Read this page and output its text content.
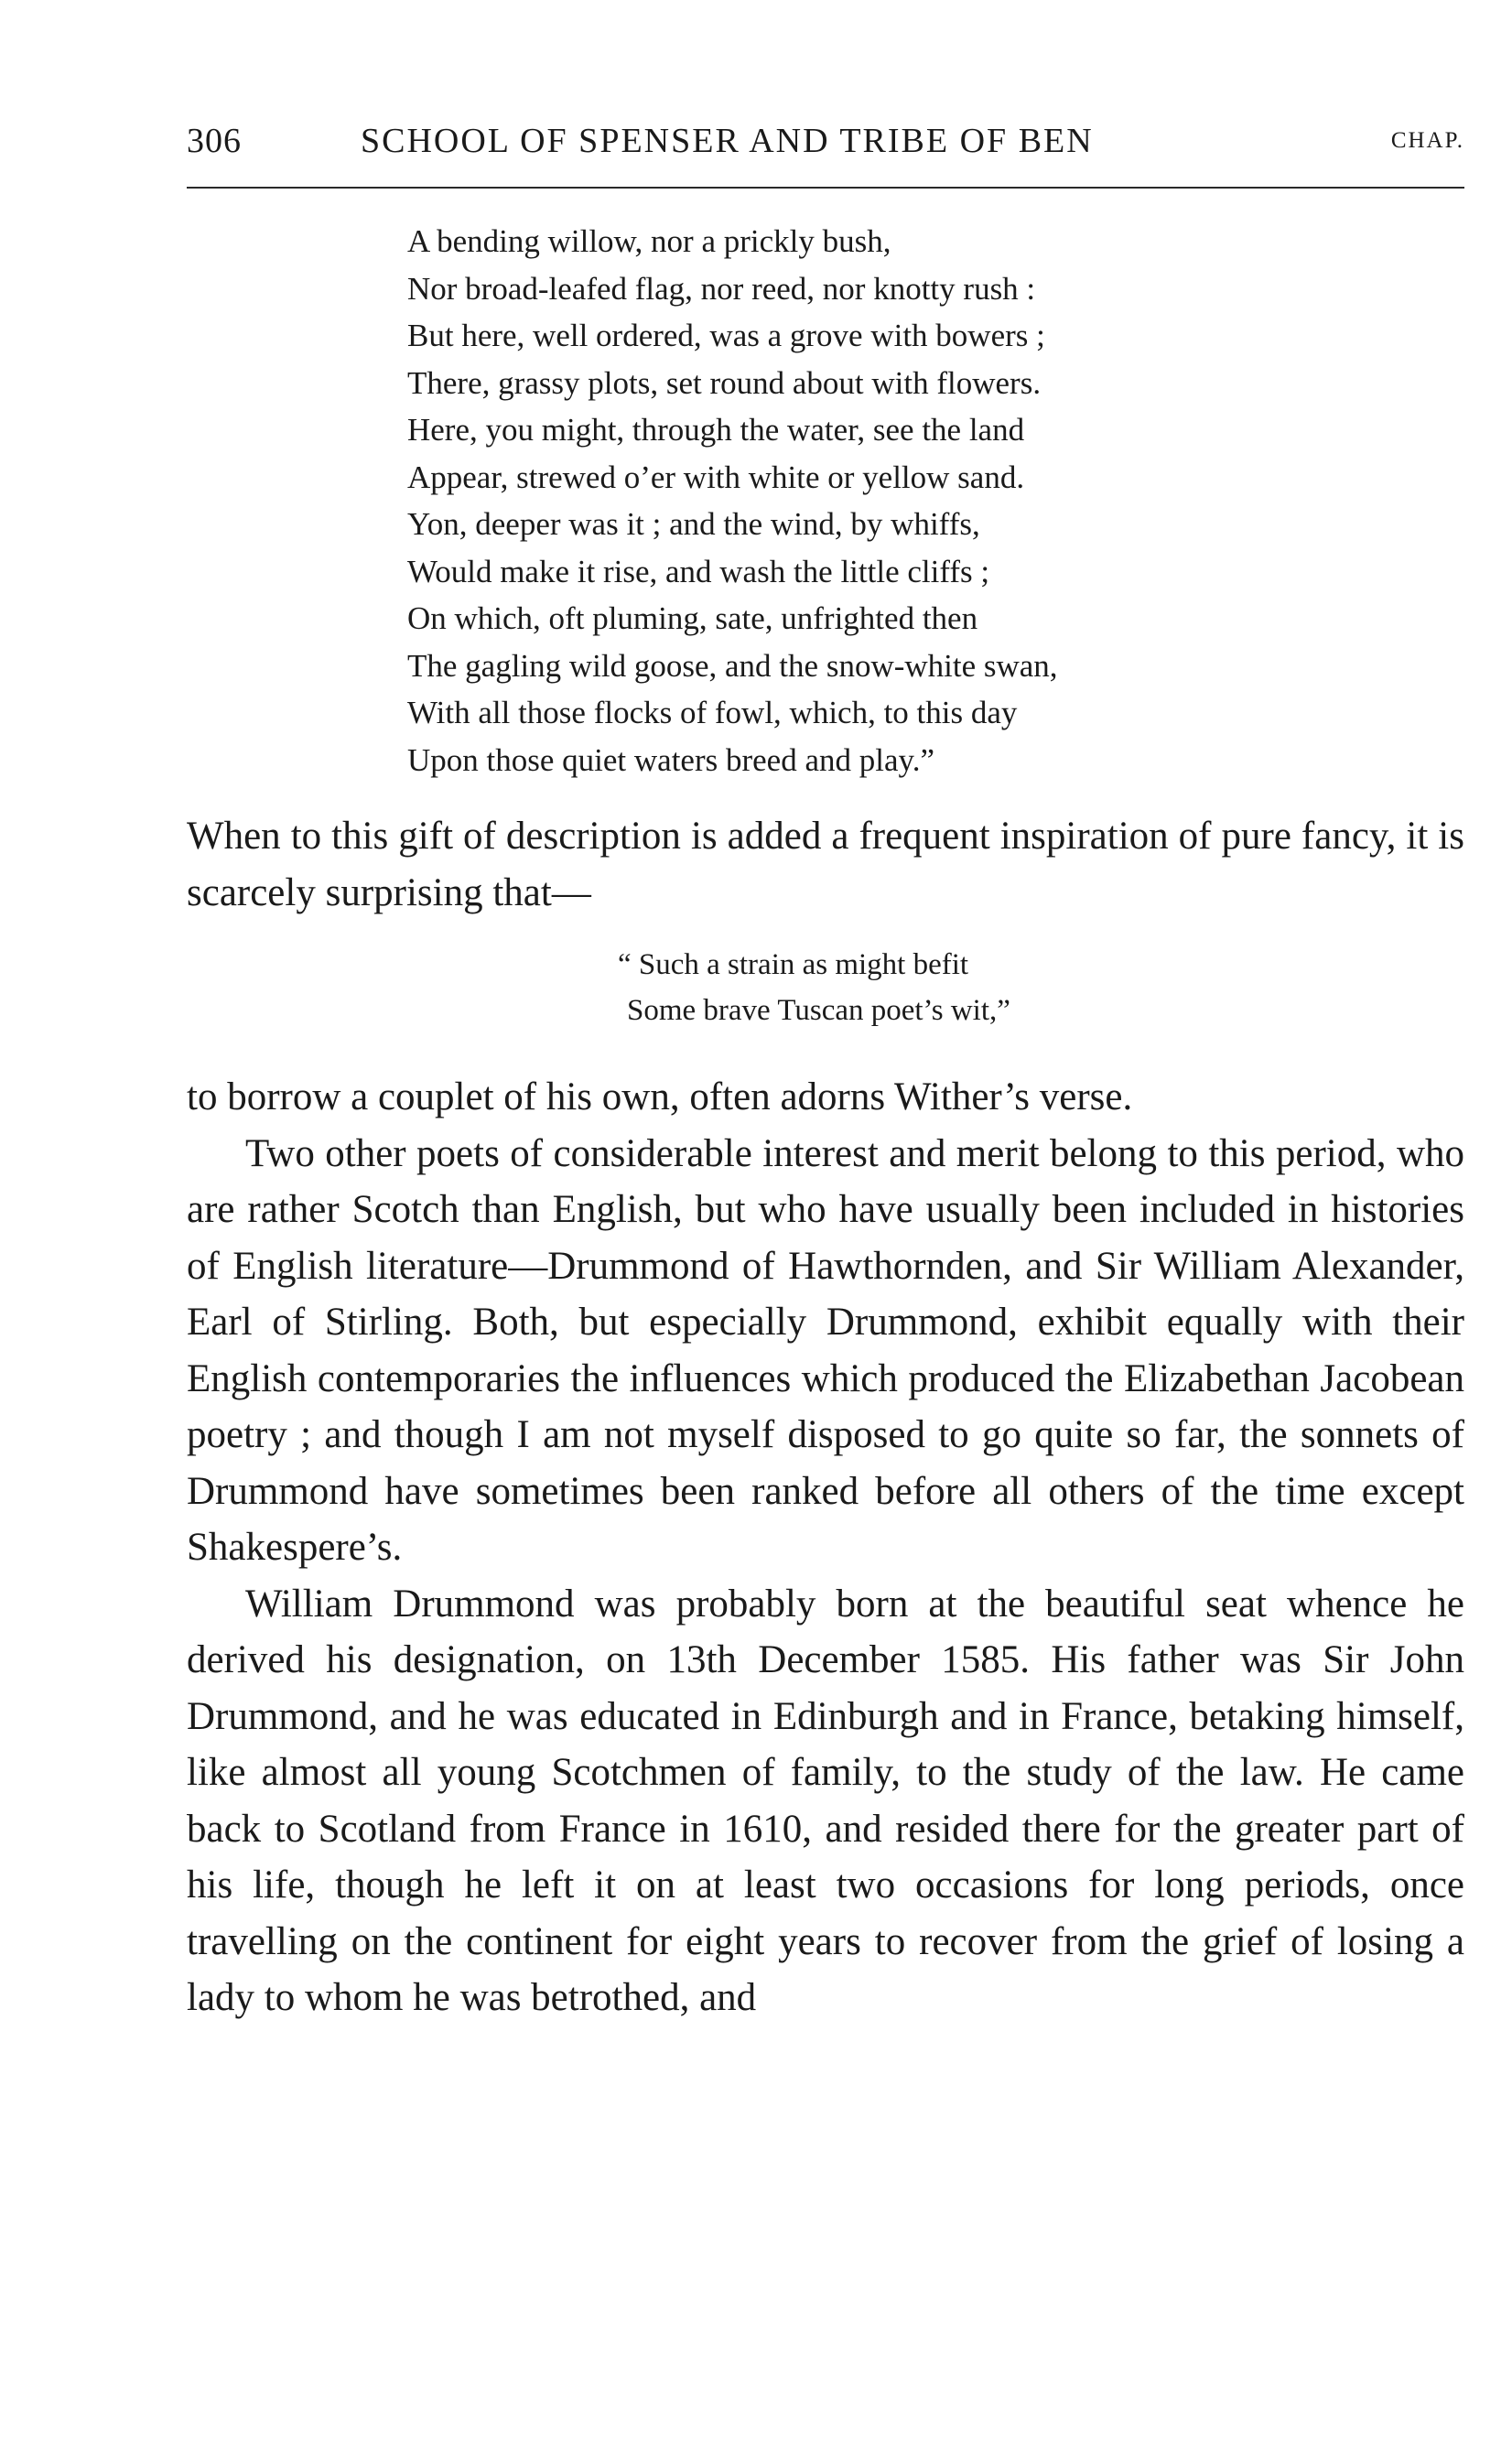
306	SCHOOL OF SPENSER AND TRIBE OF BEN	CHAP.
A bending willow, nor a prickly bush,
Nor broad-leafed flag, nor reed, nor knotty rush :
But here, well ordered, was a grove with bowers ;
There, grassy plots, set round about with flowers.
Here, you might, through the water, see the land
Appear, strewed o’er with white or yellow sand.
Yon, deeper was it ; and the wind, by whiffs,
Would make it rise, and wash the little cliffs ;
On which, oft pluming, sate, unfrighted then
The gagling wild goose, and the snow-white swan,
With all those flocks of fowl, which, to this day
Upon those quiet waters breed and play.”

When to this gift of description is added a frequent inspiration of pure fancy, it is scarcely surprising that—

“ Such a strain as might befit
Some brave Tuscan poet’s wit,”

to borrow a couplet of his own, often adorns Wither’s verse.

Two other poets of considerable interest and merit belong to this period, who are rather Scotch than English, but who have usually been included in histories of English literature—Drummond of Hawthornden, and Sir William Alexander, Earl of Stirling. Both, but especially Drummond, exhibit equally with their English contemporaries the influences which produced the Elizabethan Jacobean poetry ; and though I am not myself disposed to go quite so far, the sonnets of Drummond have sometimes been ranked before all others of the time except Shakespere’s.

William Drummond was probably born at the beautiful seat whence he derived his designation, on 13th December 1585. His father was Sir John Drummond, and he was educated in Edinburgh and in France, betaking himself, like almost all young Scotchmen of family, to the study of the law. He came back to Scotland from France in 1610, and resided there for the greater part of his life, though he left it on at least two occasions for long periods, once travelling on the continent for eight years to recover from the grief of losing a lady to whom he was betrothed, and
